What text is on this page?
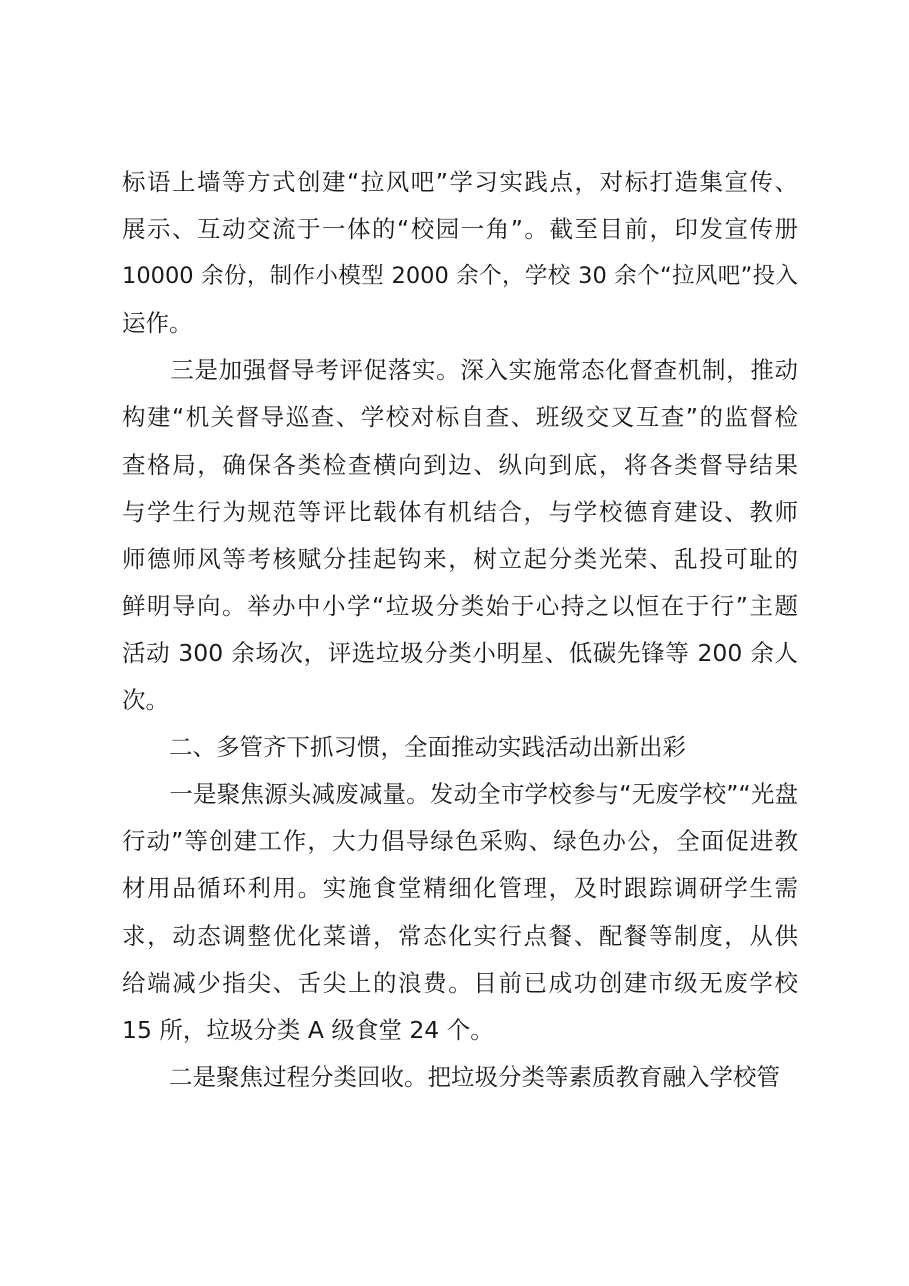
标语上墙等方式创建“拉风吧”学习实践点，对标打造集宣传、
展示、互动交流于一体的“校园一角”。截至目前，印发宣传册
10000 余份，制作小模型 2000 余个，学校 30 余个“拉风吧”投入
运作。
　　三是加强督导考评促落实。深入实施常态化督查机制，推动
构建“机关督导巡查、学校对标自查、班级交叉互查”的监督检
查格局，确保各类检查横向到边、纵向到底，将各类督导结果
与学生行为规范等评比载体有机结合，与学校德育建设、教师
师德师风等考核赋分挂起钩来，树立起分类光荣、乱投可耻的
鲜明导向。举办中小学“垃圾分类始于心持之以恒在于行”主题
活动 300 余场次，评选垃圾分类小明星、低碳先锋等 200 余人
次。
　　二、多管齐下抓习惯，全面推动实践活动出新出彩
　　一是聚焦源头减废减量。发动全市学校参与“无废学校”“光盘
行动”等创建工作，大力倡导绿色采购、绿色办公，全面促进教
材用品循环利用。实施食堂精细化管理，及时跟踪调研学生需
求，动态调整优化菜谱，常态化实行点餐、配餐等制度，从供
给端减少指尖、舌尖上的浪费。目前已成功创建市级无废学校
15 所，垃圾分类 A 级食堂 24 个。
　　二是聚焦过程分类回收。把垃圾分类等素质教育融入学校管
